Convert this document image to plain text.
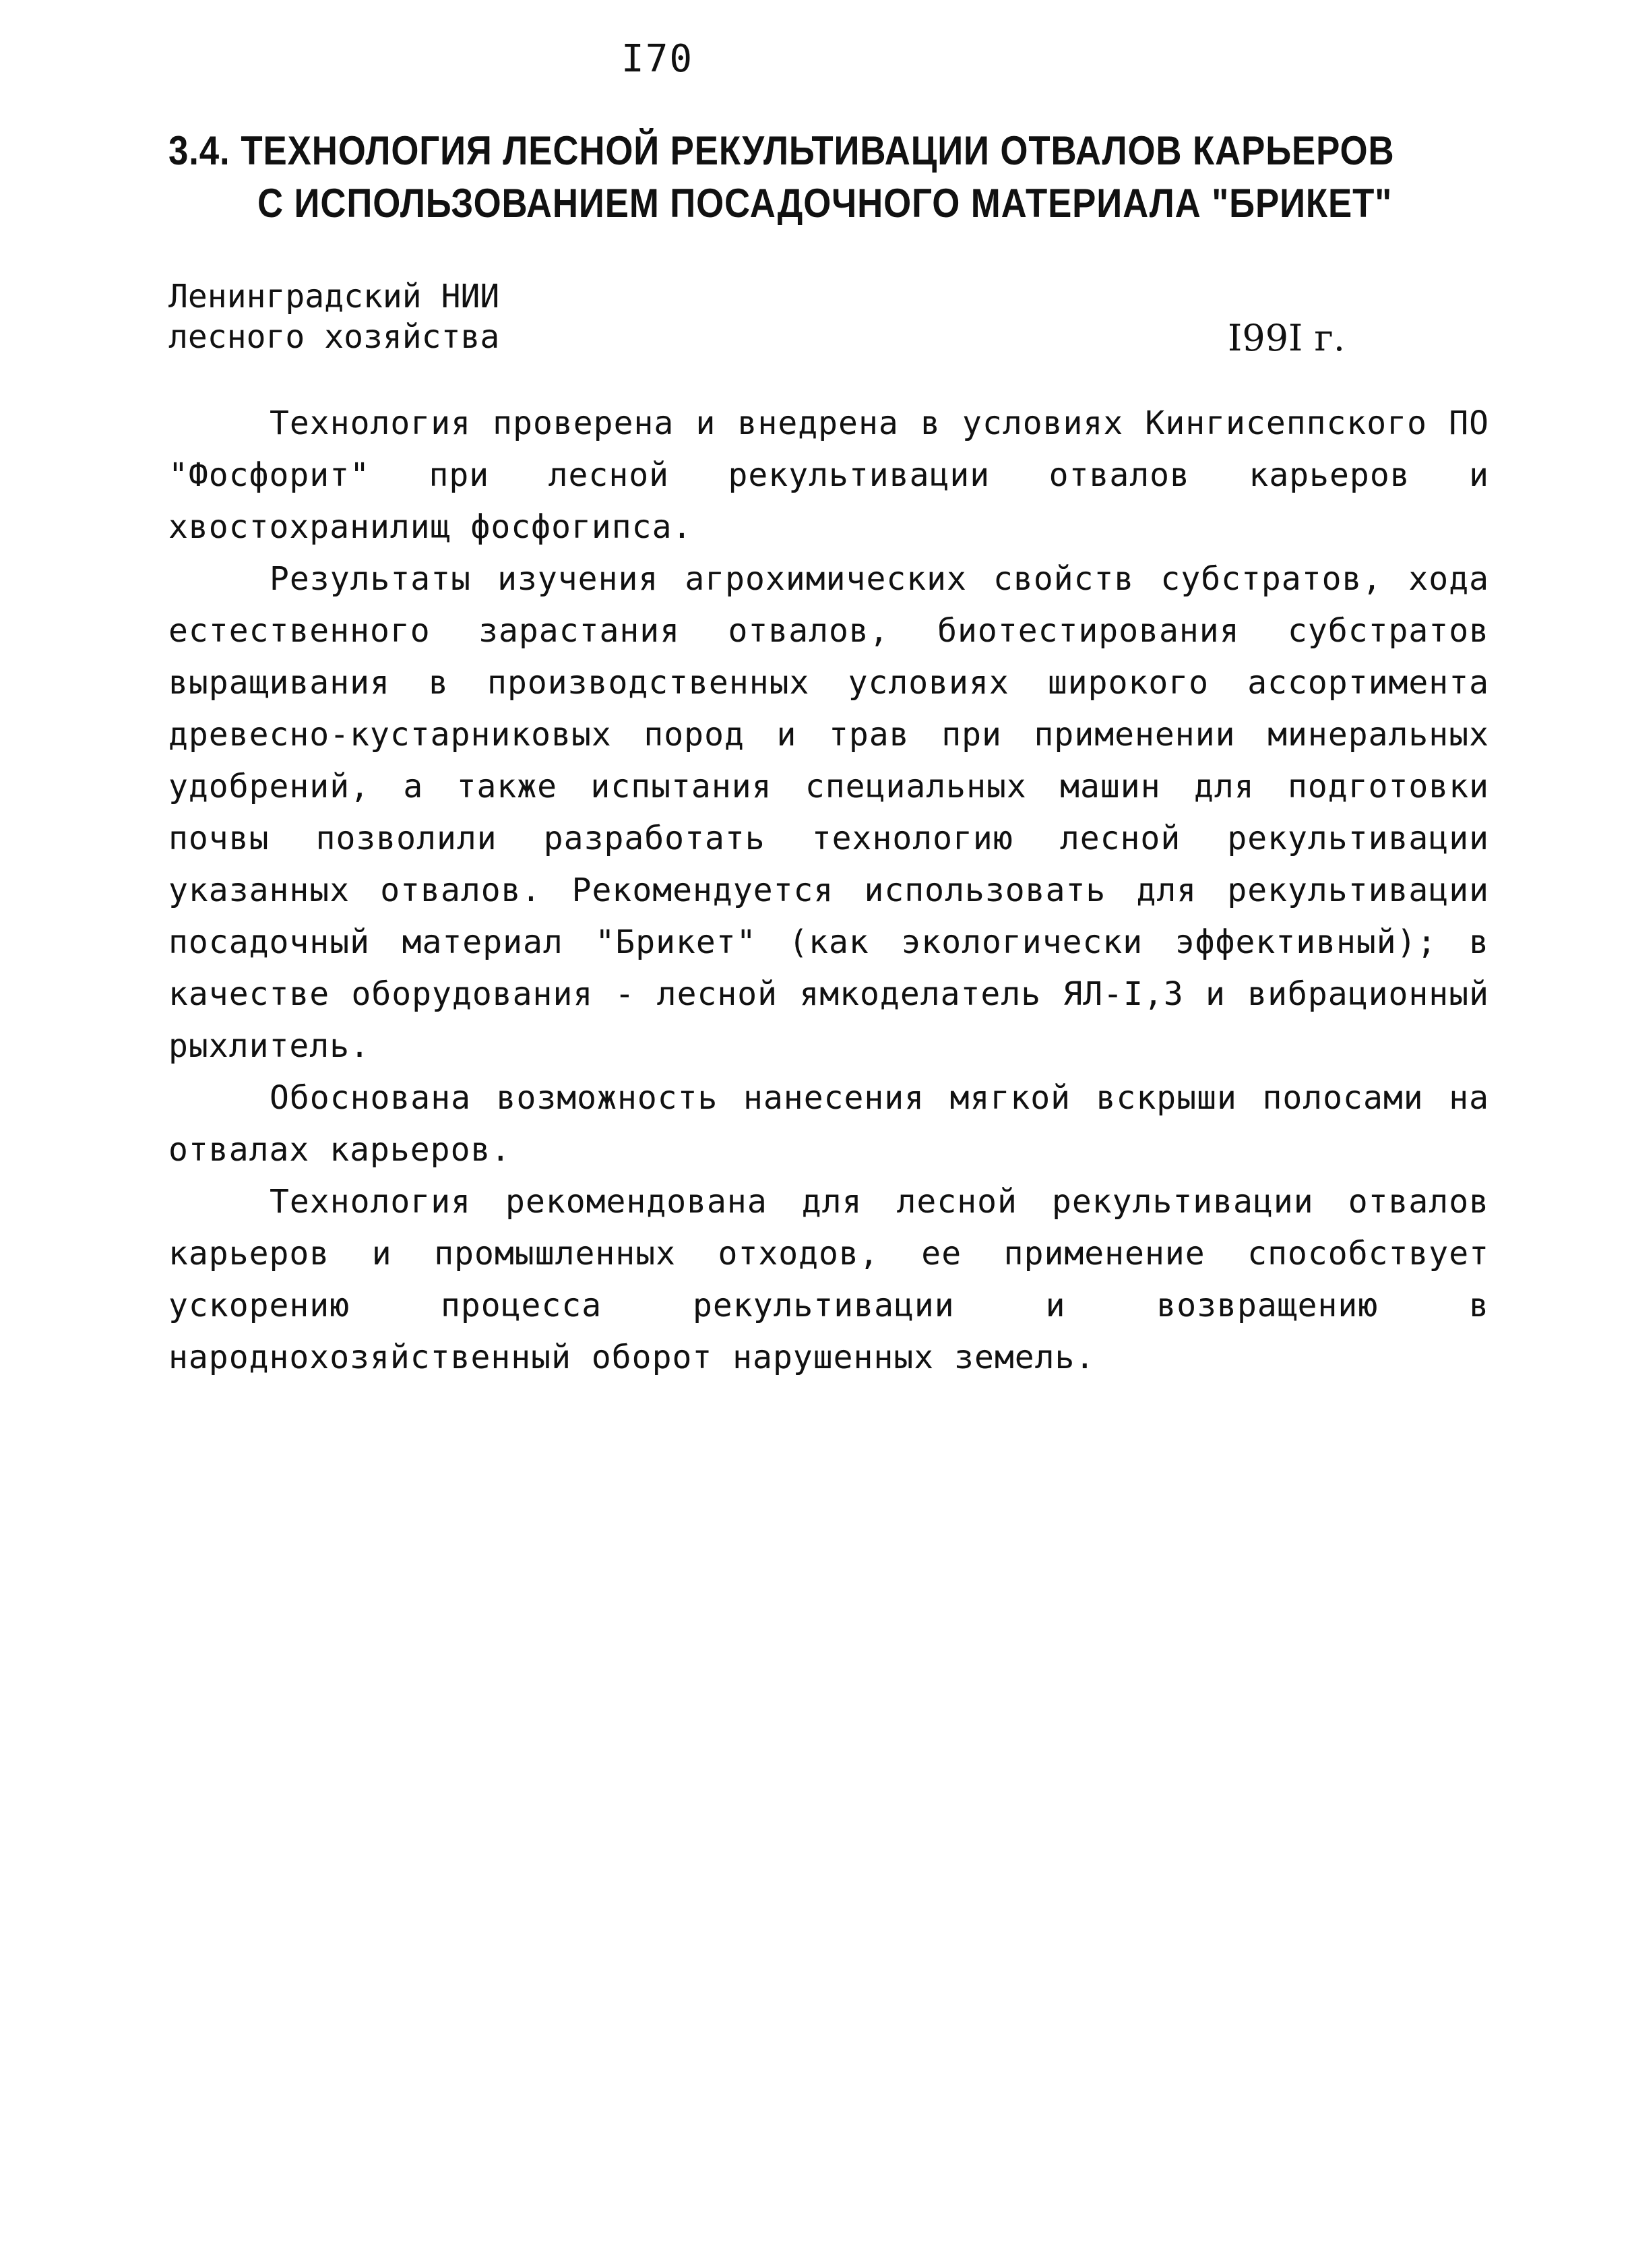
I70
3.4. ТЕХНОЛОГИЯ ЛЕСНОЙ РЕКУЛЬТИВАЦИИ ОТВАЛОВ КАРЬЕРОВ
С ИСПОЛЬЗОВАНИЕМ ПОСАДОЧНОГО МАТЕРИАЛА "БРИКЕТ"
Ленинградский НИИ
лесного хозяйства	I99I г.

Технология проверена и внедрена в условиях Кингисеппского ПО "Фосфорит" при лесной рекультивации отвалов карьеров и хвостохранилищ фосфогипса.

Результаты изучения агрохимических свойств субстратов, хода естественного зарастания отвалов, биотестирования субстратов выращивания в производственных условиях широкого ассортимента древесно-кустарниковых пород и трав при применении минеральных удобрений, а также испытания специальных машин для подготовки почвы позволили разработать технологию лесной рекультивации указанных отвалов. Рекомендуется использовать для рекультивации посадочный материал "Брикет" (как экологически эффективный); в качестве оборудования - лесной ямкоделатель ЯЛ-I,3 и вибрационный рыхлитель.

Обоснована возможность нанесения мягкой вскрыши полосами на отвалах карьеров.

Технология рекомендована для лесной рекультивации отвалов карьеров и промышленных отходов, ее применение способствует ускорению процесса рекультивации и возвращению в народнохозяйственный оборот нарушенных земель.
